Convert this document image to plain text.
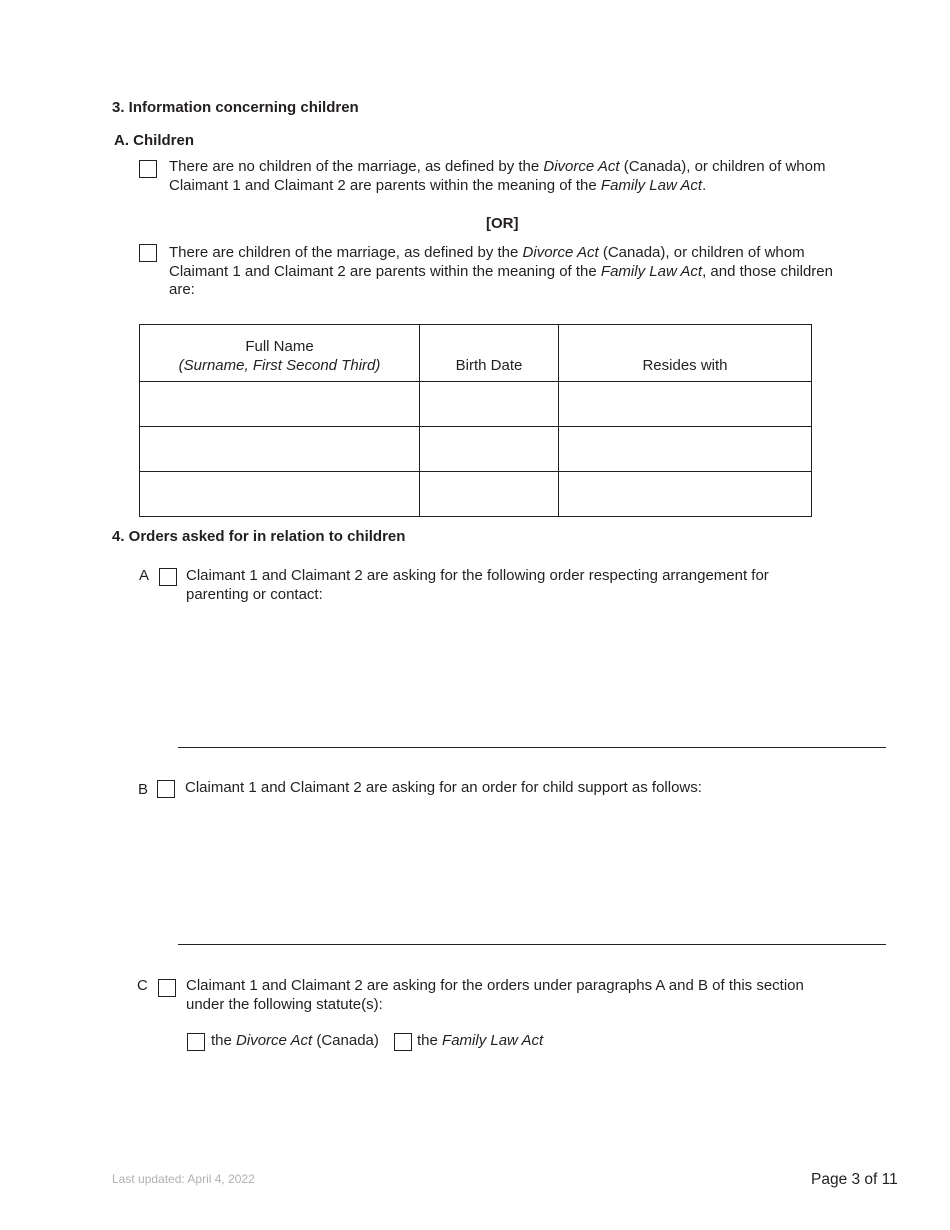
3. Information concerning children
A. Children
There are no children of the marriage, as defined by the Divorce Act (Canada), or children of whom Claimant 1 and Claimant 2 are parents within the meaning of the Family Law Act.
[OR]
There are children of the marriage, as defined by the Divorce Act (Canada), or children of whom Claimant 1 and Claimant 2 are parents within the meaning of the Family Law Act, and those children are:
Full Name
(Surname, First Second Third)	Birth Date	Resides with

4. Orders asked for in relation to children
A Claimant 1 and Claimant 2 are asking for the following order respecting arrangement for parenting or contact:
B Claimant 1 and Claimant 2 are asking for an order for child support as follows:
C	Claimant 1 and Claimant 2 are asking for the orders under paragraphs A and B of this section under the following statute(s):
the Divorce Act (Canada)	the Family Law Act
Last updated: April 4, 2022	Page 3 of 11
